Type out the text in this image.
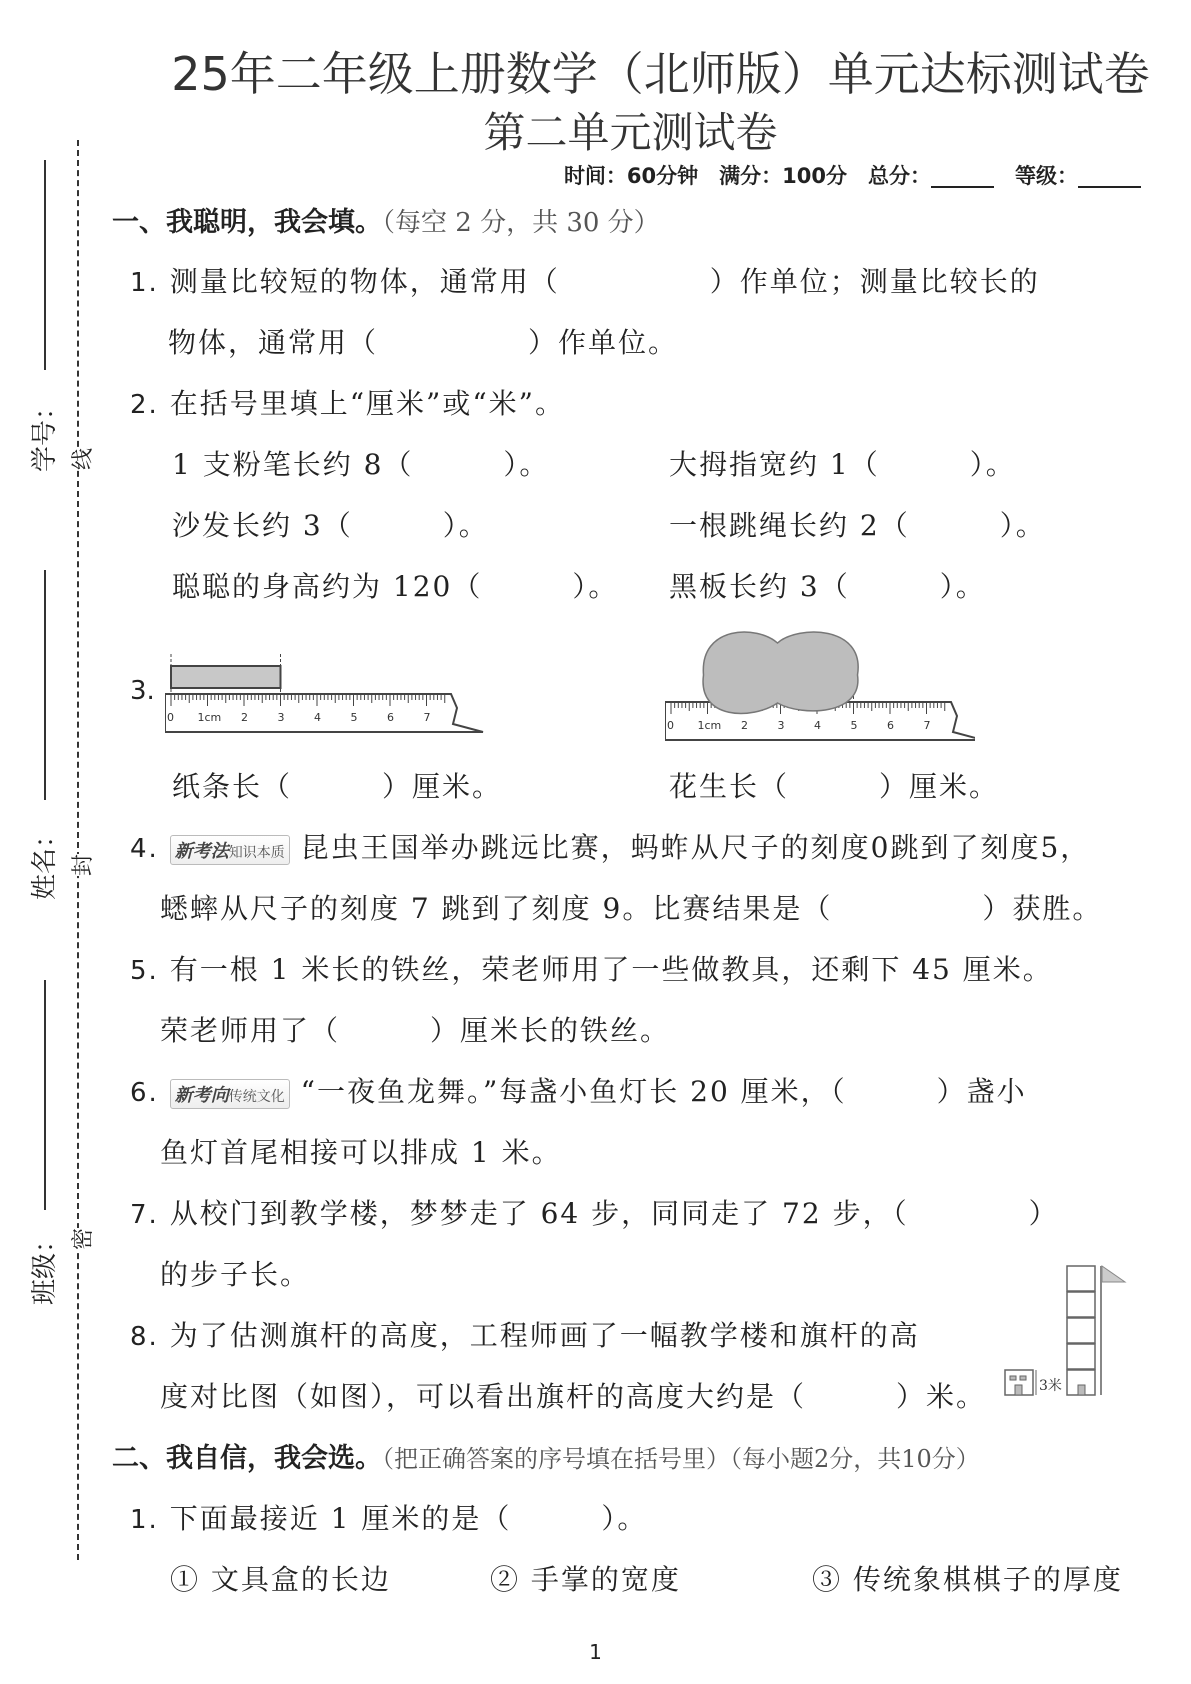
25年二年级上册数学（北师版）单元达标测试卷
第二单元测试卷
时间：60分钟　满分：100分　总分：______　等级：______
学号：
姓名：
班级：
线
封
密
一、我聪明，我会填。（每空 2 分，共 30 分）
1. 测量比较短的物体，通常用（　　　　　）作单位；测量比较长的
物体，通常用（　　　　　）作单位。
2. 在括号里填上“厘米”或“米”。
1 支粉笔长约 8（　　　）。	大拇指宽约 1（　　　）。
沙发长约 3（　　　）。	一根跳绳长约 2（　　　）。
聪聪的身高约为 120（　　　）。 黑板长约 3（　　　）。
3.
0 1cm 2	3	4	5	6	7
0 1cm 2	3	4	5	6	7
纸条长（　　　）厘米。	花生长（　　　）厘米。
4. 新考法知识本质 昆虫王国举办跳远比赛，蚂蚱从尺子的刻度0跳到了刻度5，
蟋蟀从尺子的刻度 7 跳到了刻度 9。比赛结果是（　　　　　）获胜。
5. 有一根 1 米长的铁丝，荣老师用了一些做教具，还剩下 45 厘米。
荣老师用了（　　　）厘米长的铁丝。
6. 新考向传统文化 “一夜鱼龙舞。”每盏小鱼灯长 20 厘米，（　　　）盏小
鱼灯首尾相接可以排成 1 米。
7. 从校门到教学楼，梦梦走了 64 步，同同走了 72 步，（　　　　）
的步子长。
8. 为了估测旗杆的高度，工程师画了一幅教学楼和旗杆的高
度对比图（如图），可以看出旗杆的高度大约是（　　　）米。	3米
二、我自信，我会选。（把正确答案的序号填在括号里）（每小题2分，共10分）
1. 下面最接近 1 厘米的是（　　　）。
① 文具盒的长边	② 手掌的宽度	③ 传统象棋棋子的厚度
1
